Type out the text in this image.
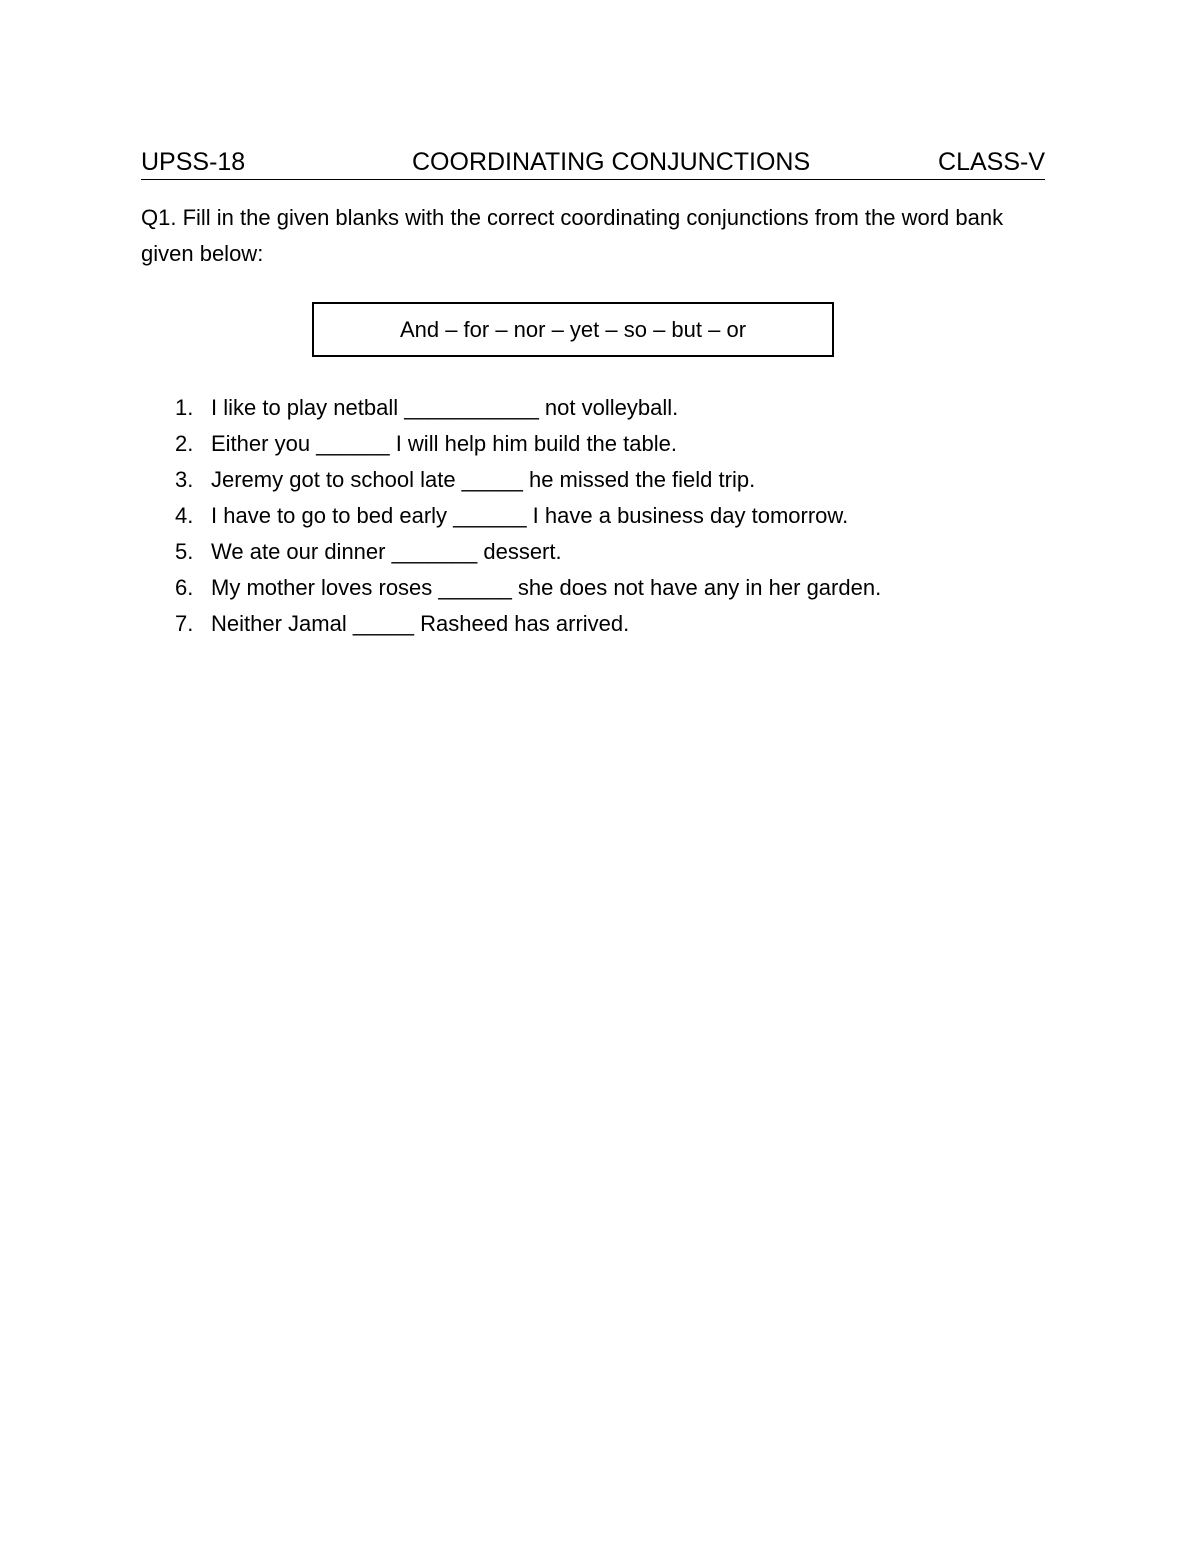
UPSS-18	COORDINATING CONJUNCTIONS	CLASS-V
Q1. Fill in the given blanks with the correct coordinating conjunctions from the word bank given below:
And – for – nor – yet – so – but – or
1. I like to play netball ___________ not volleyball.
2. Either you ______ I will help him build the table.
3. Jeremy got to school late _____ he missed the field trip.
4. I have to go to bed early ______ I have a business day tomorrow.
5. We ate our dinner _______ dessert.
6. My mother loves roses ______ she does not have any in her garden.
7. Neither Jamal _____ Rasheed has arrived.
